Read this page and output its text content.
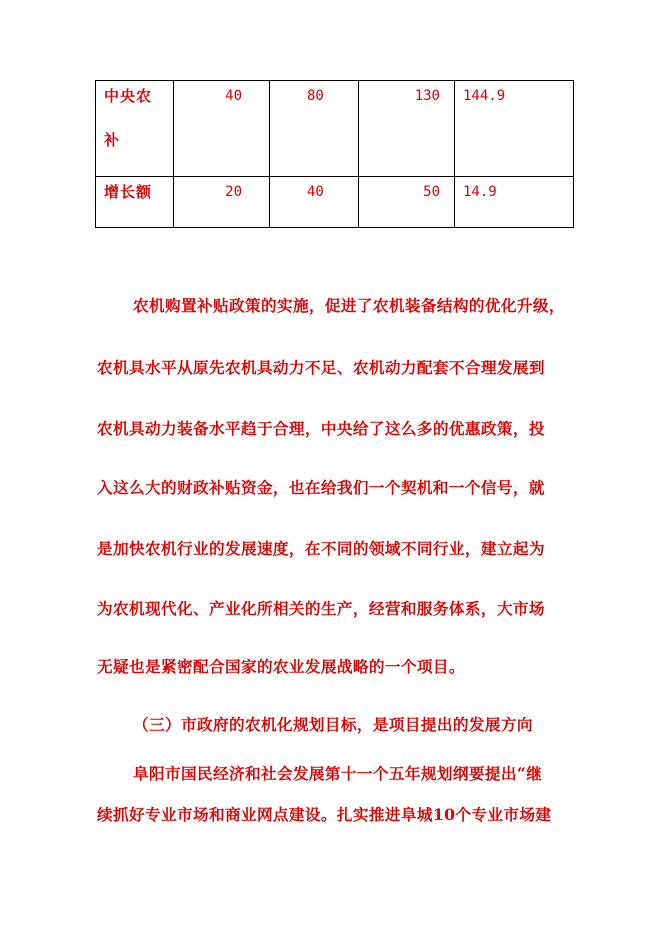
中央农
补	40	80	130	144.9

增长额	20	40	50	14.9
农机购置补贴政策的实施，促进了农机装备结构的优化升级，
农机具水平从原先农机具动力不足、农机动力配套不合理发展到
农机具动力装备水平趋于合理，中央给了这么多的优惠政策，投
入这么大的财政补贴资金，也在给我们一个契机和一个信号，就
是加快农机行业的发展速度，在不同的领域不同行业，建立起为
为农机现代化、产业化所相关的生产，经营和服务体系，大市场
无疑也是紧密配合国家的农业发展战略的一个项目。
（三）市政府的农机化规划目标，是项目提出的发展方向
阜阳市国民经济和社会发展第十一个五年规划纲要提出“继
续抓好专业市场和商业网点建设。扎实推进阜城10个专业市场建
